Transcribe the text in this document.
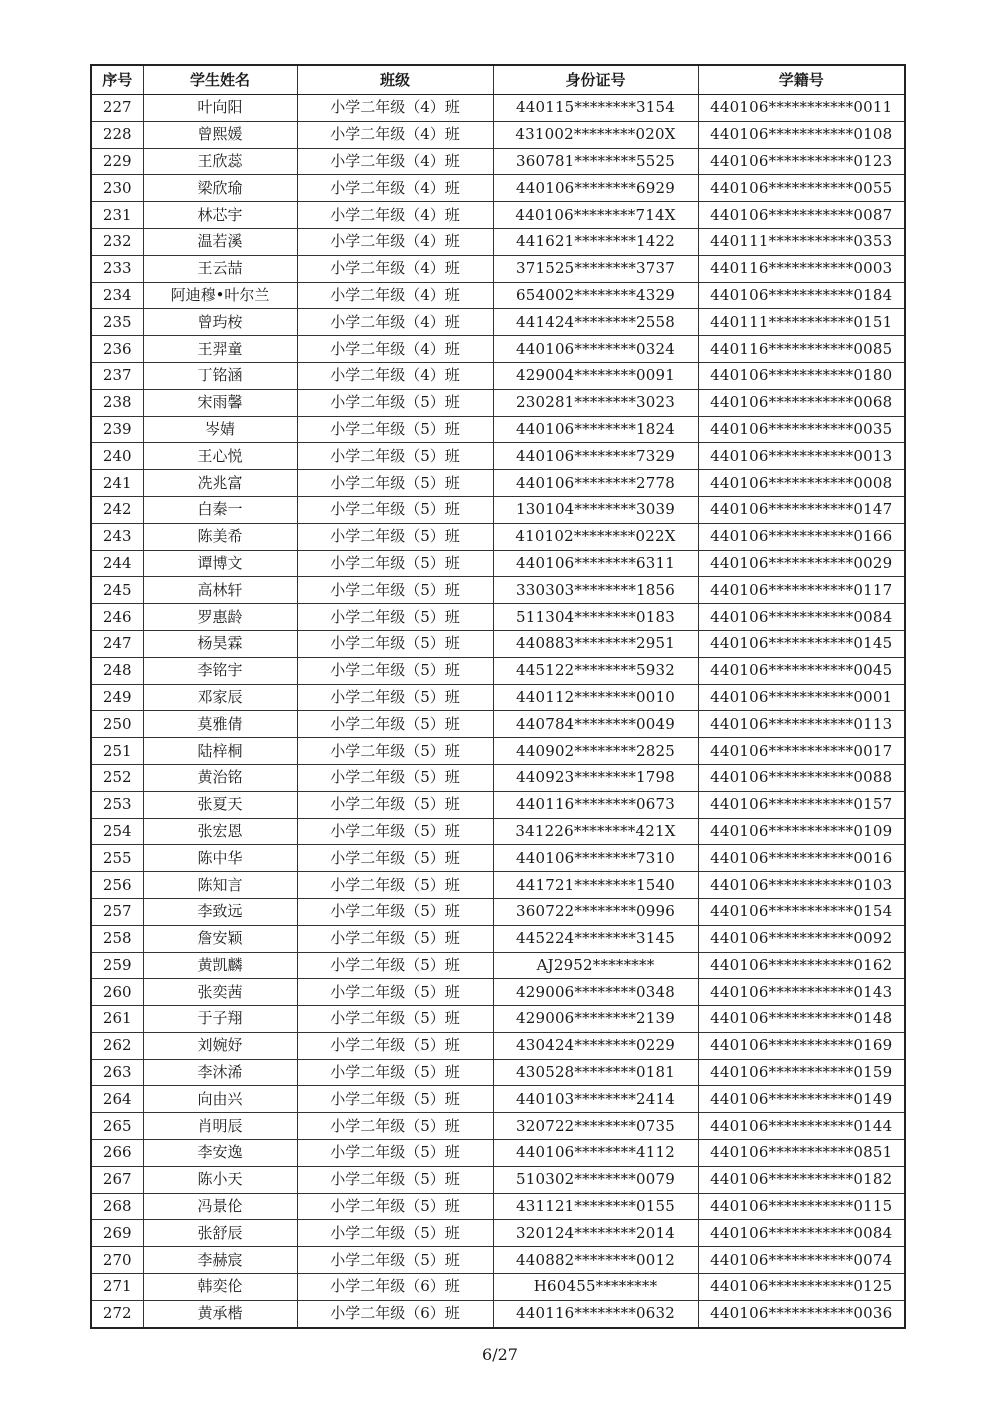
序号	学生姓名	班级	身份证号	学籍号
227	叶向阳	小学二年级（4）班	440115********3154	440106***********0011
228	曾熙媛	小学二年级（4）班	431002********020X	440106***********0108
229	王欣蕊	小学二年级（4）班	360781********5525	440106***********0123
230	梁欣瑜	小学二年级（4）班	440106********6929	440106***********0055
231	林芯宇	小学二年级（4）班	440106********714X	440106***********0087
232	温若溪	小学二年级（4）班	441621********1422	440111***********0353
233	王云喆	小学二年级（4）班	371525********3737	440116***********0003
234	阿迪穆•叶尔兰	小学二年级（4）班	654002********4329	440106***********0184
235	曾玙桉	小学二年级（4）班	441424********2558	440111***********0151
236	王羿童	小学二年级（4）班	440106********0324	440116***********0085
237	丁铭涵	小学二年级（4）班	429004********0091	440106***********0180
238	宋雨馨	小学二年级（5）班	230281********3023	440106***********0068
239	岑婧	小学二年级（5）班	440106********1824	440106***********0035
240	王心悦	小学二年级（5）班	440106********7329	440106***********0013
241	冼兆富	小学二年级（5）班	440106********2778	440106***********0008
242	白秦一	小学二年级（5）班	130104********3039	440106***********0147
243	陈美希	小学二年级（5）班	410102********022X	440106***********0166
244	谭博文	小学二年级（5）班	440106********6311	440106***********0029
245	高林轩	小学二年级（5）班	330303********1856	440106***********0117
246	罗惠龄	小学二年级（5）班	511304********0183	440106***********0084
247	杨昊霖	小学二年级（5）班	440883********2951	440106***********0145
248	李铭宇	小学二年级（5）班	445122********5932	440106***********0045
249	邓家辰	小学二年级（5）班	440112********0010	440106***********0001
250	莫雅倩	小学二年级（5）班	440784********0049	440106***********0113
251	陆梓桐	小学二年级（5）班	440902********2825	440106***********0017
252	黄治铭	小学二年级（5）班	440923********1798	440106***********0088
253	张夏天	小学二年级（5）班	440116********0673	440106***********0157
254	张宏恩	小学二年级（5）班	341226********421X	440106***********0109
255	陈中华	小学二年级（5）班	440106********7310	440106***********0016
256	陈知言	小学二年级（5）班	441721********1540	440106***********0103
257	李致远	小学二年级（5）班	360722********0996	440106***********0154
258	詹安颖	小学二年级（5）班	445224********3145	440106***********0092
259	黄凯麟	小学二年级（5）班	AJ2952********	440106***********0162
260	张奕茜	小学二年级（5）班	429006********0348	440106***********0143
261	于子翔	小学二年级（5）班	429006********2139	440106***********0148
262	刘婉妤	小学二年级（5）班	430424********0229	440106***********0169
263	李沐浠	小学二年级（5）班	430528********0181	440106***********0159
264	向由兴	小学二年级（5）班	440103********2414	440106***********0149
265	肖明辰	小学二年级（5）班	320722********0735	440106***********0144
266	李安逸	小学二年级（5）班	440106********4112	440106***********0851
267	陈小天	小学二年级（5）班	510302********0079	440106***********0182
268	冯景伦	小学二年级（5）班	431121********0155	440106***********0115
269	张舒辰	小学二年级（5）班	320124********2014	440106***********0084
270	李赫宸	小学二年级（5）班	440882********0012	440106***********0074
271	韩奕伦	小学二年级（6）班	H60455********	440106***********0125
272	黄承楷	小学二年级（6）班	440116********0632	440106***********0036
6/27
